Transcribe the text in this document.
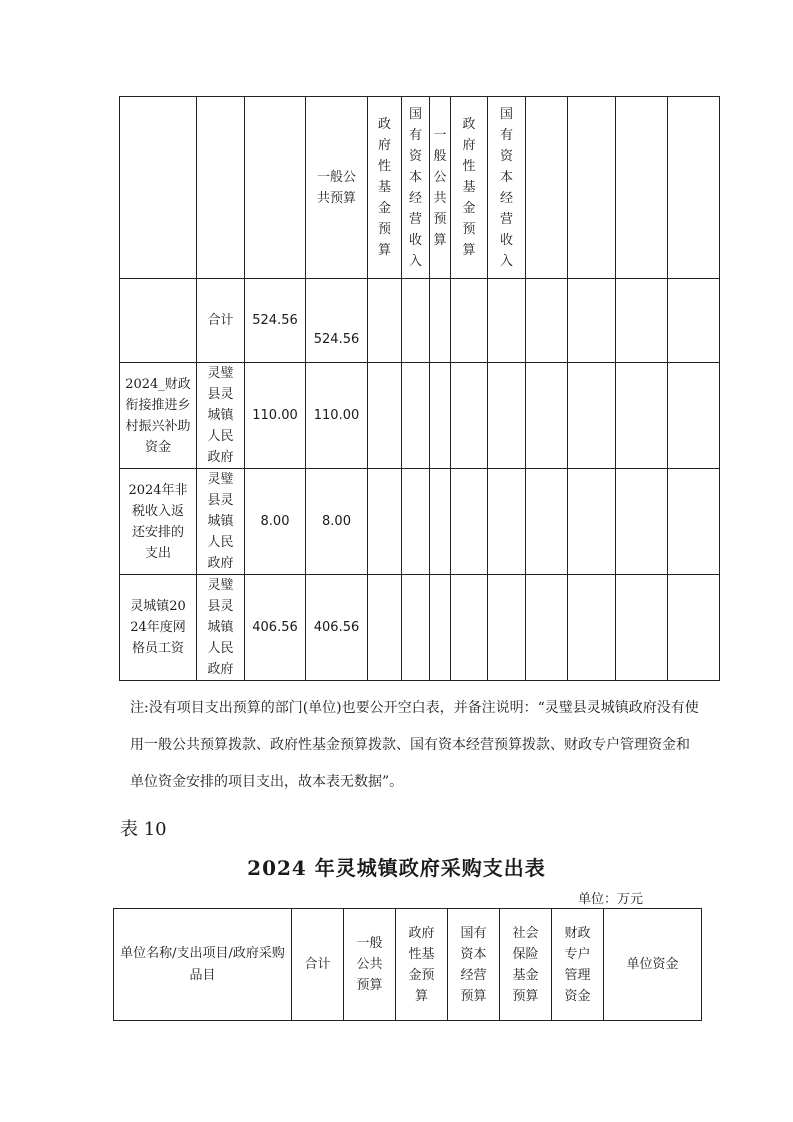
			一般公共预算	政府性基金预算	国有资本经营收入	一般公共预算	政府性基金预算	国有资本经营收入				
	合计	524.56	524.56									
2024_财政衔接推进乡村振兴补助资金	灵璧县灵城镇人民政府	110.00	110.00									
2024年非税收入返还安排的支出	灵璧县灵城镇人民政府	8.00	8.00									
灵城镇2024年度网格员工资	灵璧县灵城镇人民政府	406.56	406.56									
注:没有项目支出预算的部门(单位)也要公开空白表，并备注说明：“灵璧县灵城镇政府没有使用一般公共预算拨款、政府性基金预算拨款、国有资本经营预算拨款、财政专户管理资金和单位资金安排的项目支出，故本表无数据”。
表 10
2024 年灵城镇政府采购支出表
单位：万元
单位名称/支出项目/政府采购品目	合计	一般公共预算	政府性基金预算	国有资本经营预算	社会保险基金预算	财政专户管理资金	单位资金
